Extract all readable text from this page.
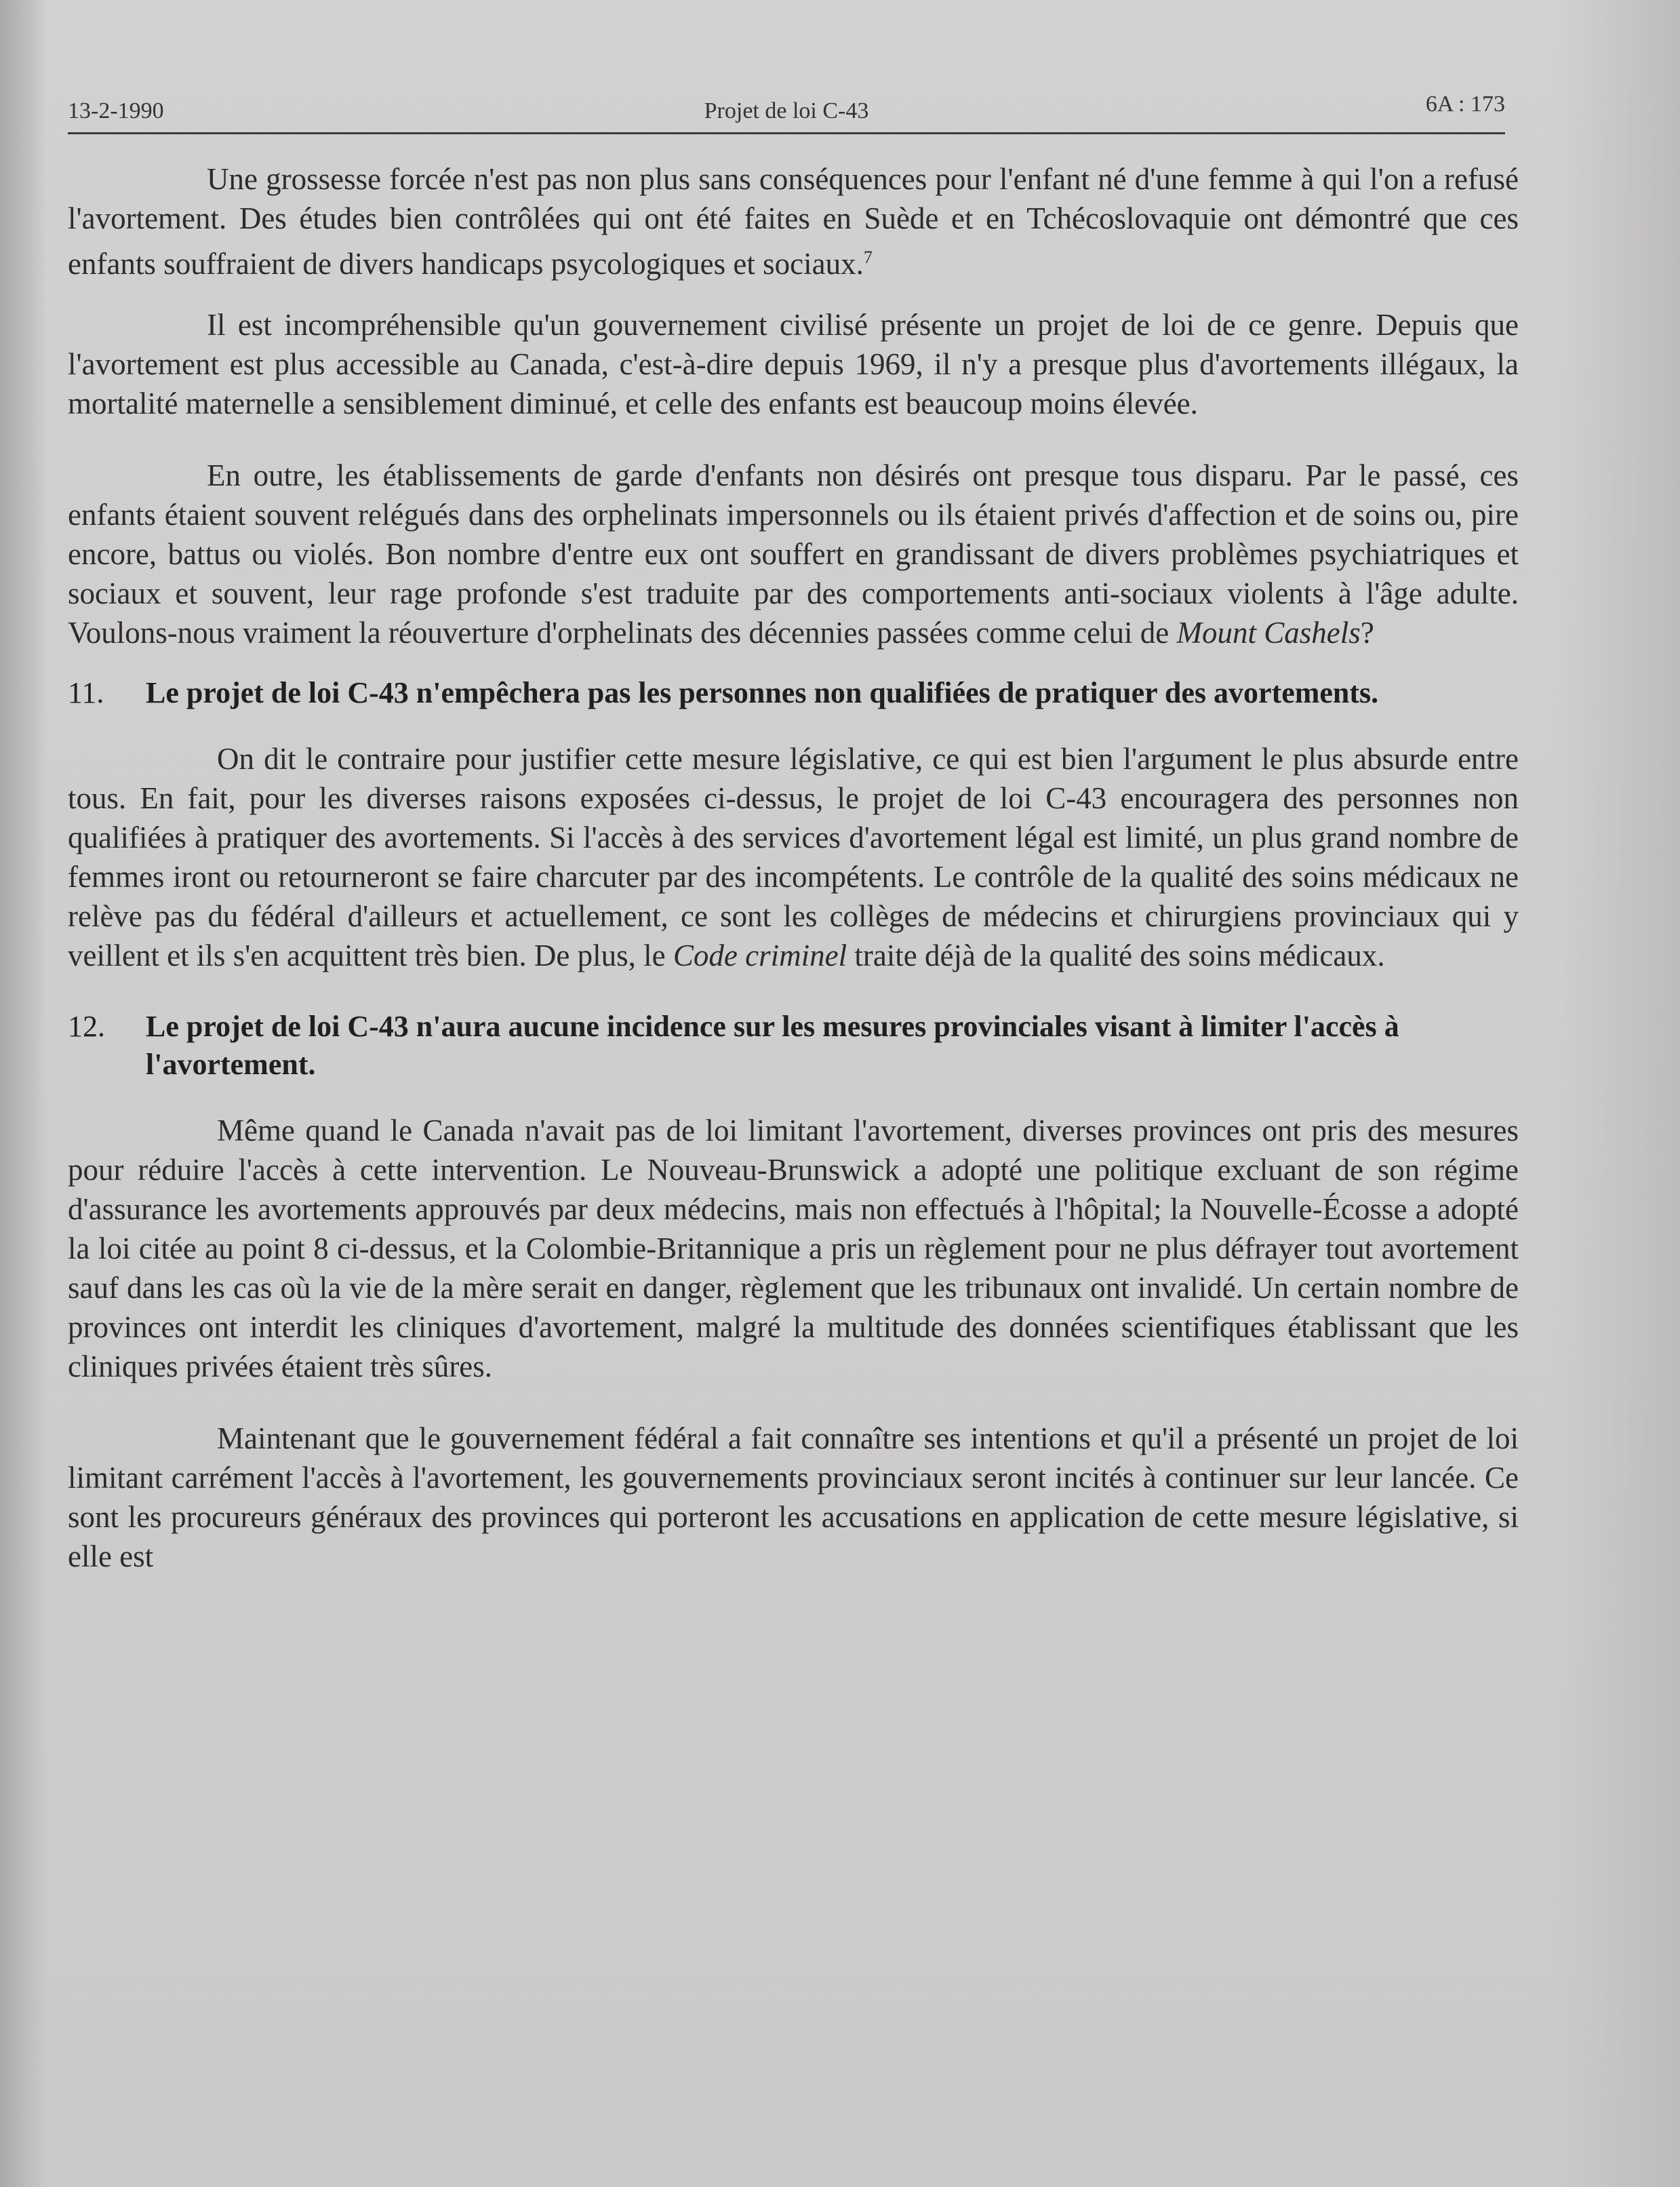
13-2-1990	Projet de loi C-43	6A : 173

Une grossesse forcée n'est pas non plus sans conséquences pour l'enfant né d'une femme à qui l'on a refusé l'avortement. Des études bien contrôlées qui ont été faites en Suède et en Tchécoslovaquie ont démontré que ces enfants souffraient de divers handicaps psycologiques et sociaux.$^7$

Il est incompréhensible qu'un gouvernement civilisé présente un projet de loi de ce genre. Depuis que l'avortement est plus accessible au Canada, c'est-à-dire depuis 1969, il n'y a presque plus d'avortements illégaux, la mortalité maternelle a sensiblement diminué, et celle des enfants est beaucoup moins élevée.

En outre, les établissements de garde d'enfants non désirés ont presque tous disparu. Par le passé, ces enfants étaient souvent relégués dans des orphelinats impersonnels ou ils étaient privés d'affection et de soins ou, pire encore, battus ou violés. Bon nombre d'entre eux ont souffert en grandissant de divers problèmes psychiatriques et sociaux et souvent, leur rage profonde s'est traduite par des comportements anti-sociaux violents à l'âge adulte. Voulons-nous vraiment la réouverture d'orphelinats des décennies passées comme celui de Mount Cashels?

11.	Le projet de loi C-43 n'empêchera pas les personnes non qualifiées de pratiquer des avortements.

On dit le contraire pour justifier cette mesure législative, ce qui est bien l'argument le plus absurde entre tous. En fait, pour les diverses raisons exposées ci-dessus, le projet de loi C-43 encouragera des personnes non qualifiées à pratiquer des avortements. Si l'accès à des services d'avortement légal est limité, un plus grand nombre de femmes iront ou retourneront se faire charcuter par des incompétents. Le contrôle de la qualité des soins médicaux ne relève pas du fédéral d'ailleurs et actuellement, ce sont les collèges de médecins et chirurgiens provinciaux qui y veillent et ils s'en acquittent très bien. De plus, le Code criminel traite déjà de la qualité des soins médicaux.

12.	Le projet de loi C-43 n'aura aucune incidence sur les mesures provinciales visant à limiter l'accès à l'avortement.

Même quand le Canada n'avait pas de loi limitant l'avortement, diverses provinces ont pris des mesures pour réduire l'accès à cette intervention. Le Nouveau-Brunswick a adopté une politique excluant de son régime d'assurance les avortements approuvés par deux médecins, mais non effectués à l'hôpital; la Nouvelle-Écosse a adopté la loi citée au point 8 ci-dessus, et la Colombie-Britannique a pris un règlement pour ne plus défrayer tout avortement sauf dans les cas où la vie de la mère serait en danger, règlement que les tribunaux ont invalidé. Un certain nombre de provinces ont interdit les cliniques d'avortement, malgré la multitude des données scientifiques établissant que les cliniques privées étaient très sûres.

Maintenant que le gouvernement fédéral a fait connaître ses intentions et qu'il a présenté un projet de loi limitant carrément l'accès à l'avortement, les gouvernements provinciaux seront incités à continuer sur leur lancée. Ce sont les procureurs généraux des provinces qui porteront les accusations en application de cette mesure législative, si elle est
